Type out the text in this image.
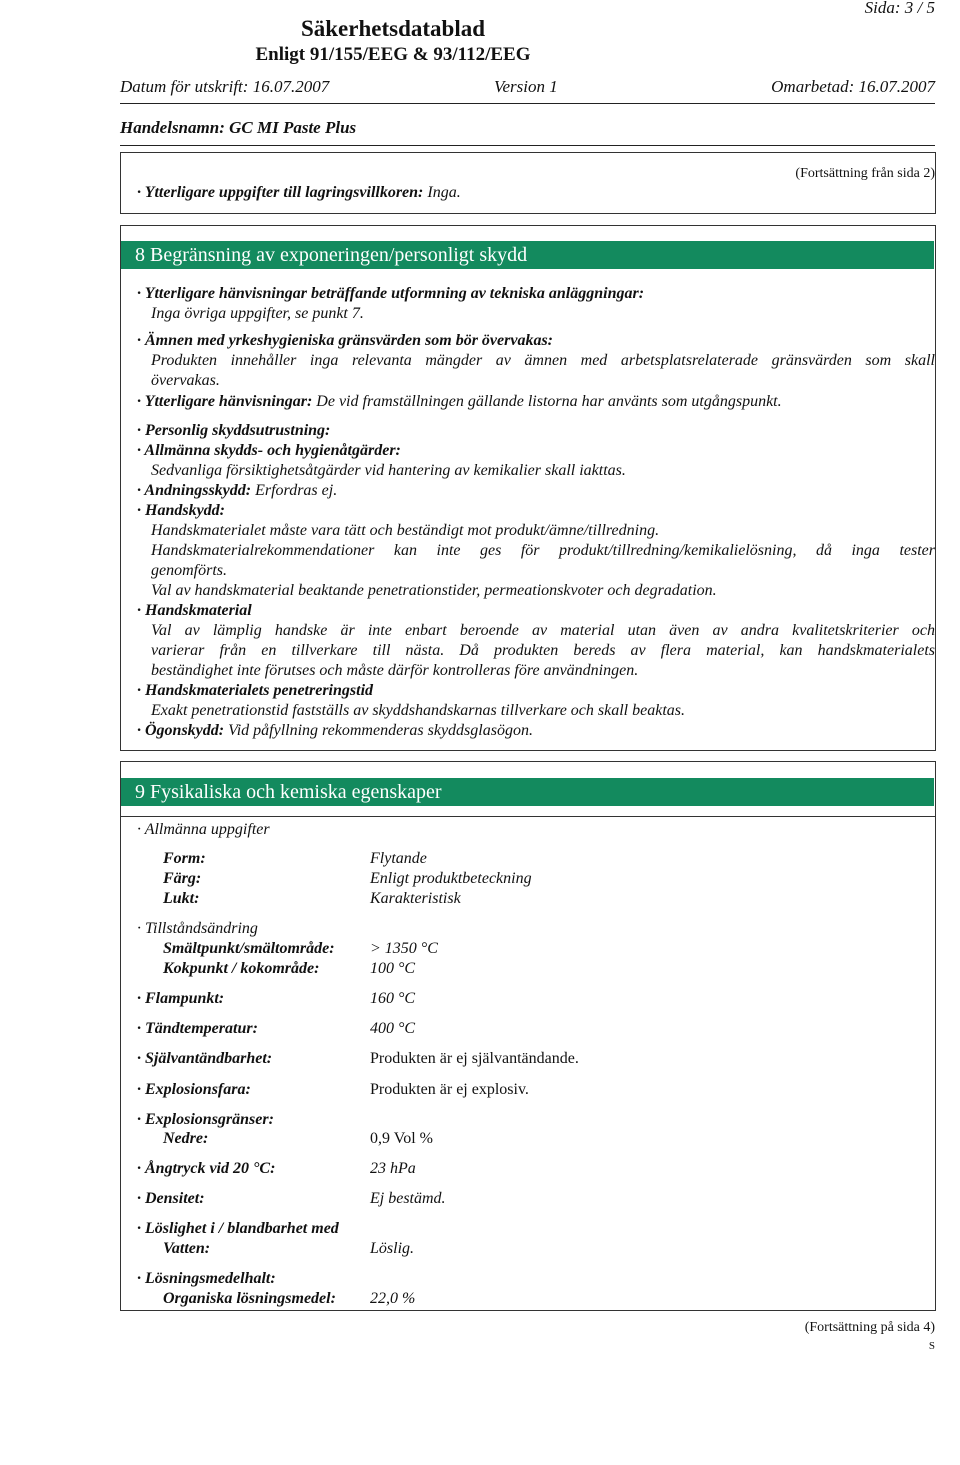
Sida: 3 / 5
Säkerhetsdatablad
Enligt 91/155/EEG & 93/112/EEG
Datum för utskrift: 16.07.2007	Version 1	Omarbetad: 16.07.2007
Handelsnamn: GC MI Paste Plus
(Fortsättning från sida 2)
· Ytterligare uppgifter till lagringsvillkoren: Inga.
8 Begränsning av exponeringen/personligt skydd
· Ytterligare hänvisningar beträffande utformning av tekniska anläggningar:
Inga övriga uppgifter, se punkt 7.
· Ämnen med yrkeshygieniska gränsvärden som bör övervakas:
Produkten innehåller inga relevanta mängder av ämnen med arbetsplatsrelaterade gränsvärden som skall
övervakas.
· Ytterligare hänvisningar: De vid framställningen gällande listorna har använts som utgångspunkt.
· Personlig skyddsutrustning:
· Allmänna skydds- och hygienåtgärder:
Sedvanliga försiktighetsåtgärder vid hantering av kemikalier skall iakttas.
· Andningsskydd: Erfordras ej.
· Handskydd:
Handskmaterialet måste vara tätt och beständigt mot produkt/ämne/tillredning.
Handskmaterialrekommendationer kan inte ges för produkt/tillredning/kemikalielösning, då inga tester
genomförts.
Val av handskmaterial beaktande penetrationstider, permeationskvoter och degradation.
· Handskmaterial
Val av lämplig handske är inte enbart beroende av material utan även av andra kvalitetskriterier och
varierar från en tillverkare till nästa. Då produkten bereds av flera material, kan handskmaterialets
beständighet inte förutses och måste därför kontrolleras före användningen.
· Handskmaterialets penetreringstid
Exakt penetrationstid fastställs av skyddshandskarnas tillverkare och skall beaktas.
· Ögonskydd: Vid påfyllning rekommenderas skyddsglasögon.
9 Fysikaliska och kemiska egenskaper
· Allmänna uppgifter
Form:	Flytande
Färg:	Enligt produktbeteckning
Lukt:	Karakteristisk
· Tillståndsändring
Smältpunkt/smältområde: > 1350 °C
Kokpunkt / kokområde:	100 °C
· Flampunkt:	160 °C
· Tändtemperatur:	400 °C
· Självantändbarhet:	Produkten är ej självantändande.
· Explosionsfara:	Produkten är ej explosiv.
· Explosionsgränser:
Nedre:	0,9 Vol %
· Ångtryck vid 20 °C:	23 hPa
· Densitet:	Ej bestämd.
· Löslighet i / blandbarhet med
Vatten:	Löslig.
· Lösningsmedelhalt:
Organiska lösningsmedel: 22,0 %
(Fortsättning på sida 4)
S
